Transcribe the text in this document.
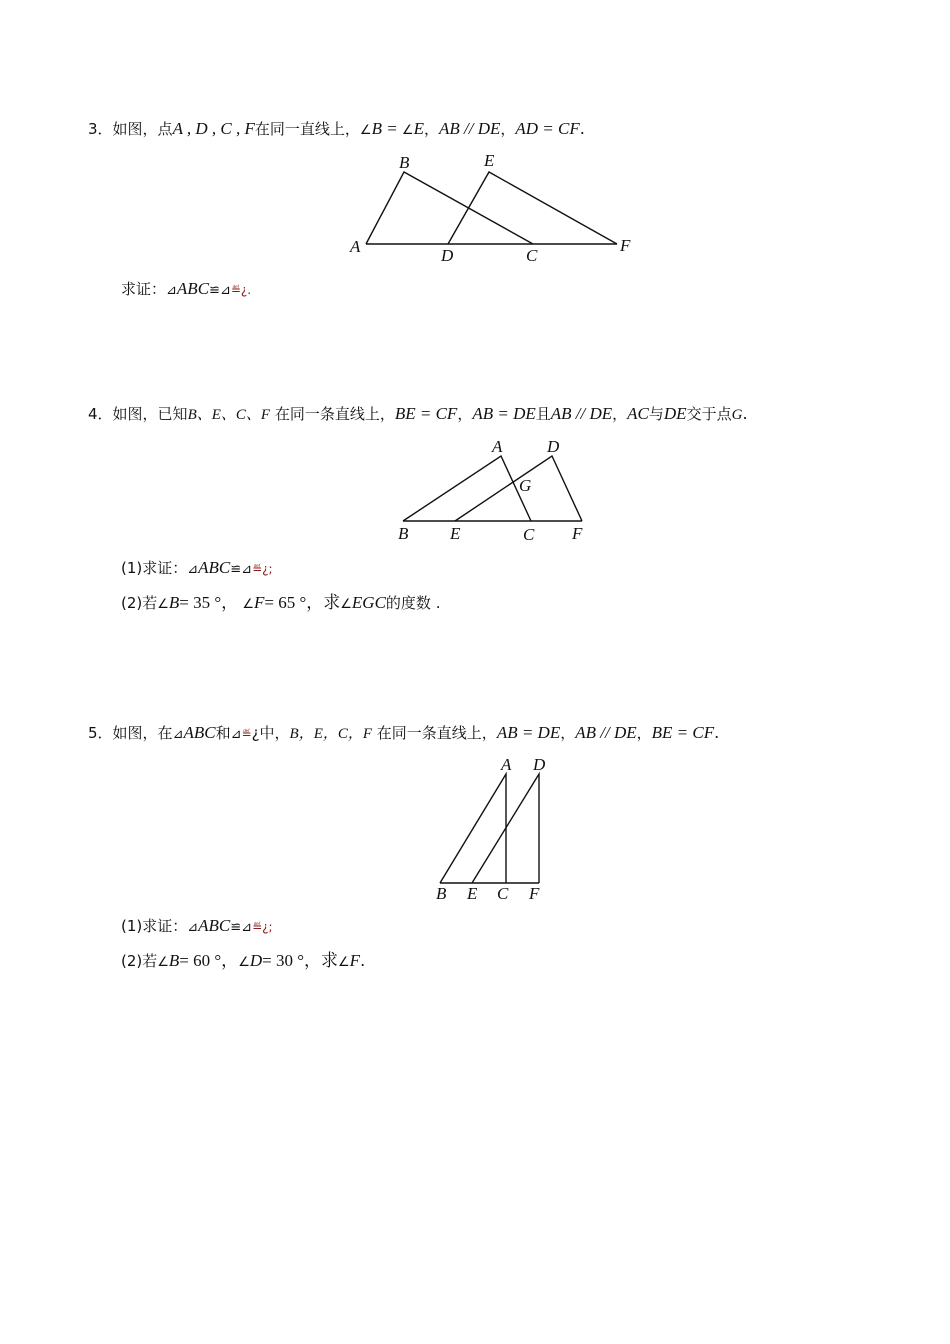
3．如图，点A , D , C , F在同一直线上，∠B = ∠E，AB // DE，AD = CF.
A
B	E
D	C
F
求证：⊿ABC≌⊿≝¿.
4．如图，已知B、E、C、F 在同一条直线上，BE = CF，AB = DE且AB // DE，AC与DE交于点G.
A	D
G
B E	C F
(1)求证：⊿ABC≌⊿≝¿;
(2)若∠B= 35 °， ∠F= 65 °，求∠EGC的度数 .
5．如图，在⊿ABC和⊿≝¿中，B，E，C，F 在同一条直线上，AB = DE，AB // DE，BE = CF.
A D
B E C F
(1)求证：⊿ABC≌⊿≝¿;
(2)若∠B= 60 °，∠D= 30 °，求∠F.
